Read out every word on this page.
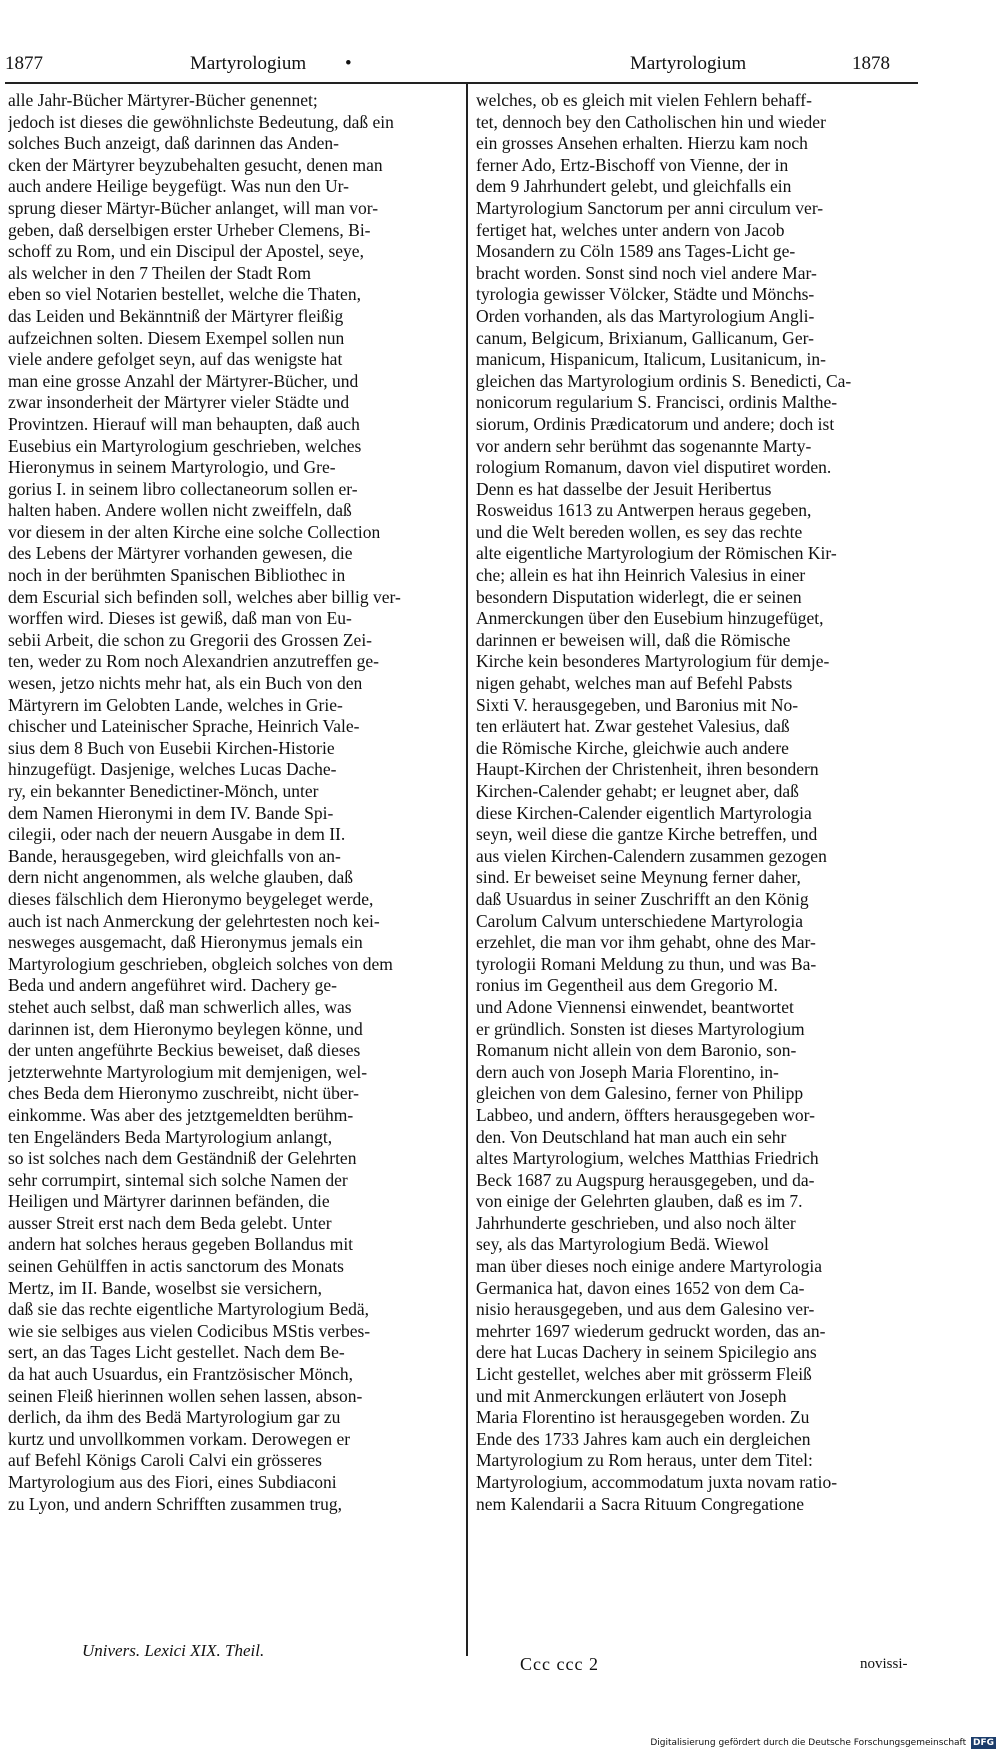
1877	Martyrologium •	Martyrologium	1878
alle Jahr-Bücher Märtyrer-Bücher genennet;
jedoch ist dieses die gewöhnlichste Bedeutung, daß ein
solches Buch anzeigt, daß darinnen das Anden-
cken der Märtyrer beyzubehalten gesucht, denen man
auch andere Heilige beygefügt. Was nun den Ur-
sprung dieser Märtyr-Bücher anlanget, will man vor-
geben, daß derselbigen erster Urheber Clemens, Bi-
schoff zu Rom, und ein Discipul der Apostel, seye,
als welcher in den 7 Theilen der Stadt Rom
eben so viel Notarien bestellet, welche die Thaten,
das Leiden und Bekänntniß der Märtyrer fleißig
aufzeichnen solten. Diesem Exempel sollen nun
viele andere gefolget seyn, auf das wenigste hat
man eine grosse Anzahl der Märtyrer-Bücher, und
zwar insonderheit der Märtyrer vieler Städte und
Provintzen. Hierauf will man behaupten, daß auch
Eusebius ein Martyrologium geschrieben, welches
Hieronymus in seinem Martyrologio, und Gre-
gorius I. in seinem libro collectaneorum sollen er-
halten haben. Andere wollen nicht zweiffeln, daß
vor diesem in der alten Kirche eine solche Collection
des Lebens der Märtyrer vorhanden gewesen, die
noch in der berühmten Spanischen Bibliothec in
dem Escurial sich befinden soll, welches aber billig ver-
worffen wird. Dieses ist gewiß, daß man von Eu-
sebii Arbeit, die schon zu Gregorii des Grossen Zei-
ten, weder zu Rom noch Alexandrien anzutreffen ge-
wesen, jetzo nichts mehr hat, als ein Buch von den
Märtyrern im Gelobten Lande, welches in Grie-
chischer und Lateinischer Sprache, Heinrich Vale-
sius dem 8 Buch von Eusebii Kirchen-Historie
hinzugefügt. Dasjenige, welches Lucas Dache-
ry, ein bekannter Benedictiner-Mönch, unter
dem Namen Hieronymi in dem IV. Bande Spi-
cilegii, oder nach der neuern Ausgabe in dem II.
Bande, herausgegeben, wird gleichfalls von an-
dern nicht angenommen, als welche glauben, daß
dieses fälschlich dem Hieronymo beygeleget werde,
auch ist nach Anmerckung der gelehrtesten noch kei-
nesweges ausgemacht, daß Hieronymus jemals ein
Martyrologium geschrieben, obgleich solches von dem
Beda und andern angeführet wird. Dachery ge-
stehet auch selbst, daß man schwerlich alles, was
darinnen ist, dem Hieronymo beylegen könne, und
der unten angeführte Beckius beweiset, daß dieses
jetzterwehnte Martyrologium mit demjenigen, wel-
ches Beda dem Hieronymo zuschreibt, nicht über-
einkomme. Was aber des jetztgemeldten berühm-
ten Engeländers Beda Martyrologium anlangt,
so ist solches nach dem Geständniß der Gelehrten
sehr corrumpirt, sintemal sich solche Namen der
Heiligen und Märtyrer darinnen befänden, die
ausser Streit erst nach dem Beda gelebt. Unter
andern hat solches heraus gegeben Bollandus mit
seinen Gehülffen in actis sanctorum des Monats
Mertz, im II. Bande, woselbst sie versichern,
daß sie das rechte eigentliche Martyrologium Bedä,
wie sie selbiges aus vielen Codicibus MStis verbes-
sert, an das Tages Licht gestellet. Nach dem Be-
da hat auch Usuardus, ein Frantzösischer Mönch,
seinen Fleiß hierinnen wollen sehen lassen, abson-
derlich, da ihm des Bedä Martyrologium gar zu
kurtz und unvollkommen vorkam. Derowegen er
auf Befehl Königs Caroli Calvi ein grösseres
Martyrologium aus des Fiori, eines Subdiaconi
zu Lyon, und andern Schrifften zusammen trug,
welches, ob es gleich mit vielen Fehlern behaff-
tet, dennoch bey den Catholischen hin und wieder
ein grosses Ansehen erhalten. Hierzu kam noch
ferner Ado, Ertz-Bischoff von Vienne, der in
dem 9 Jahrhundert gelebt, und gleichfalls ein
Martyrologium Sanctorum per anni circulum ver-
fertiget hat, welches unter andern von Jacob
Mosandern zu Cöln 1589 ans Tages-Licht ge-
bracht worden. Sonst sind noch viel andere Mar-
tyrologia gewisser Völcker, Städte und Mönchs-
Orden vorhanden, als das Martyrologium Angli-
canum, Belgicum, Brixianum, Gallicanum, Ger-
manicum, Hispanicum, Italicum, Lusitanicum, in-
gleichen das Martyrologium ordinis S. Benedicti, Ca-
nonicorum regularium S. Francisci, ordinis Malthe-
siorum, Ordinis Prædicatorum und andere; doch ist
vor andern sehr berühmt das sogenannte Marty-
rologium Romanum, davon viel disputiret worden.
Denn es hat dasselbe der Jesuit Heribertus
Rosweidus 1613 zu Antwerpen heraus gegeben,
und die Welt bereden wollen, es sey das rechte
alte eigentliche Martyrologium der Römischen Kir-
che; allein es hat ihn Heinrich Valesius in einer
besondern Disputation widerlegt, die er seinen
Anmerckungen über den Eusebium hinzugefüget,
darinnen er beweisen will, daß die Römische
Kirche kein besonderes Martyrologium für demje-
nigen gehabt, welches man auf Befehl Pabsts
Sixti V. herausgegeben, und Baronius mit No-
ten erläutert hat. Zwar gestehet Valesius, daß
die Römische Kirche, gleichwie auch andere
Haupt-Kirchen der Christenheit, ihren besondern
Kirchen-Calender gehabt; er leugnet aber, daß
diese Kirchen-Calender eigentlich Martyrologia
seyn, weil diese die gantze Kirche betreffen, und
aus vielen Kirchen-Calendern zusammen gezogen
sind. Er beweiset seine Meynung ferner daher,
daß Usuardus in seiner Zuschrifft an den König
Carolum Calvum unterschiedene Martyrologia
erzehlet, die man vor ihm gehabt, ohne des Mar-
tyrologii Romani Meldung zu thun, und was Ba-
ronius im Gegentheil aus dem Gregorio M.
und Adone Viennensi einwendet, beantwortet
er gründlich. Sonsten ist dieses Martyrologium
Romanum nicht allein von dem Baronio, son-
dern auch von Joseph Maria Florentino, in-
gleichen von dem Galesino, ferner von Philipp
Labbeo, und andern, öffters herausgegeben wor-
den. Von Deutschland hat man auch ein sehr
altes Martyrologium, welches Matthias Friedrich
Beck 1687 zu Augspurg herausgegeben, und da-
von einige der Gelehrten glauben, daß es im 7.
Jahrhunderte geschrieben, und also noch älter
sey, als das Martyrologium Bedä. Wiewol
man über dieses noch einige andere Martyrologia
Germanica hat, davon eines 1652 von dem Ca-
nisio herausgegeben, und aus dem Galesino ver-
mehrter 1697 wiederum gedruckt worden, das an-
dere hat Lucas Dachery in seinem Spicilegio ans
Licht gestellet, welches aber mit grösserm Fleiß
und mit Anmerckungen erläutert von Joseph
Maria Florentino ist herausgegeben worden. Zu
Ende des 1733 Jahres kam auch ein dergleichen
Martyrologium zu Rom heraus, unter dem Titel:
Martyrologium, accommodatum juxta novam ratio-
nem Kalendarii a Sacra Rituum Congregatione
Univers. Lexici XIX. Theil.
Ccc ccc 2	novissi-
Digitalisierung gefördert durch die Deutsche Forschungsgemeinschaft DFG
